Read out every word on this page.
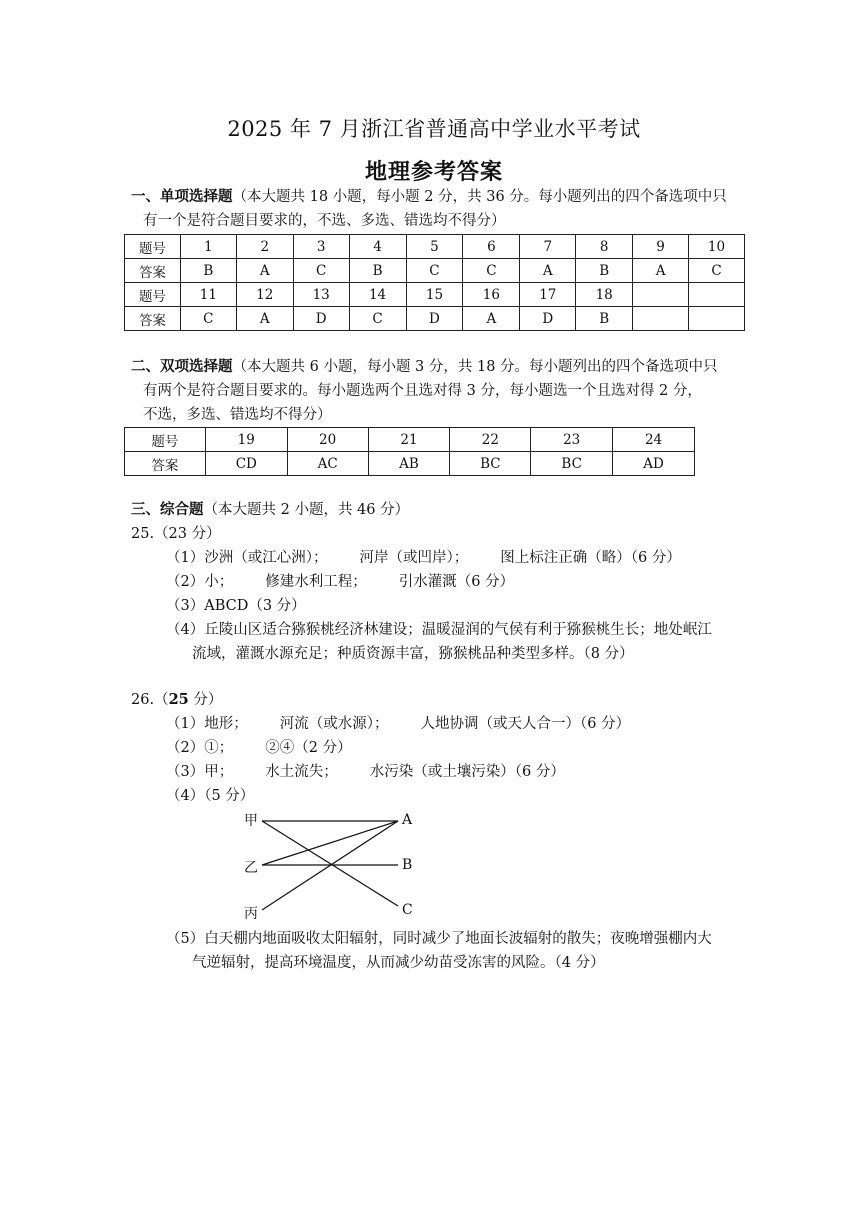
2025 年 7 月浙江省普通高中学业水平考试
地理参考答案
一、单项选择题（本大题共 18 小题，每小题 2 分，共 36 分。每小题列出的四个备选项中只
有一个是符合题目要求的，不选、多选、错选均不得分）
题号	1	2	3	4	5	6	7	8	9	10
答案	B	A	C	B	C	C	A	B	A	C
题号	11	12	13	14	15	16	17	18		
答案	C	A	D	C	D	A	D	B		
二、双项选择题（本大题共 6 小题，每小题 3 分，共 18 分。每小题列出的四个备选项中只
有两个是符合题目要求的。每小题选两个且选对得 3 分，每小题选一个且选对得 2 分，
不选，多选、错选均不得分）
题号	19	20	21	22	23	24
答案	CD	AC	AB	BC	BC	AD
三、综合题（本大题共 2 小题，共 46 分）
25.（23 分）
（1）沙洲（或江心洲）； 河岸（或凹岸）； 图上标注正确（略）（6 分）
（2）小； 修建水利工程； 引水灌溉（6 分）
（3）ABCD（3 分）
（4）丘陵山区适合猕猴桃经济林建设；温暖湿润的气侯有利于猕猴桃生长；地处岷江
流域，灌溉水源充足；种质资源丰富，猕猴桃品种类型多样。（8 分）
26.（25 分）
（1）地形； 河流（或水源）； 人地协调（或天人合一）（6 分）
（2）①； ②④（2 分）
（3）甲； 水土流失； 水污染（或土壤污染）（6 分）
（4）（5 分）
甲
乙
丙
A
B
C
（5）白天棚内地面吸收太阳辐射，同时减少了地面长波辐射的散失；夜晚增强棚内大
气逆辐射，提高环境温度，从而减少幼苗受冻害的风险。（4 分）
